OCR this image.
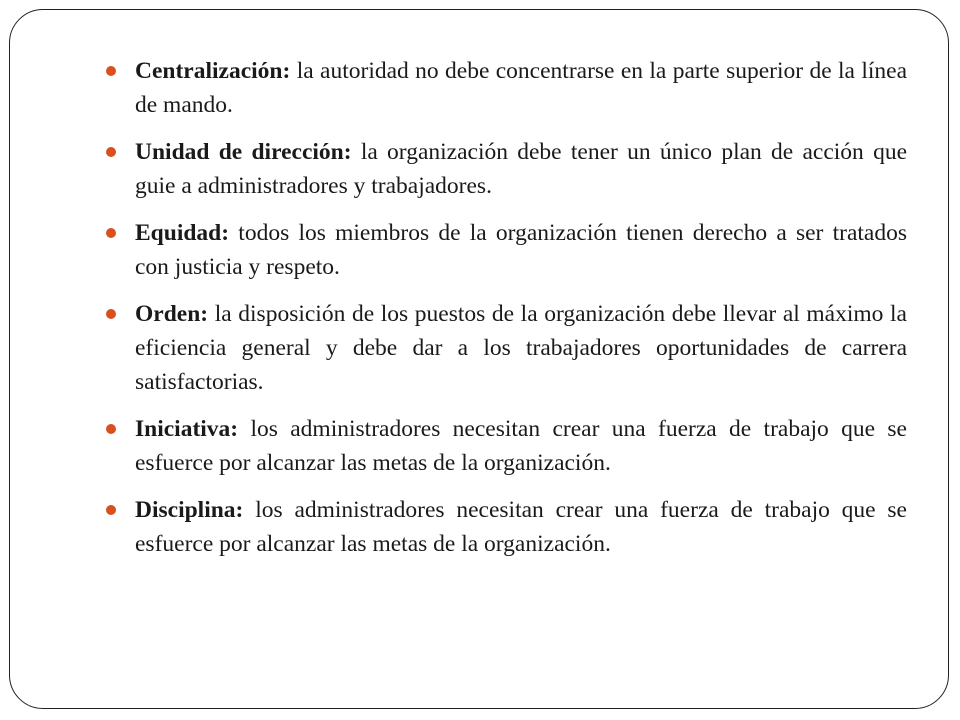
Centralización: la autoridad no debe concentrarse en la parte superior de la línea de mando.
Unidad de dirección: la organización debe tener un único plan de acción que guie a administradores y trabajadores.
Equidad: todos los miembros de la organización tienen derecho a ser tratados con justicia y respeto.
Orden: la disposición de los puestos de la organización debe llevar al máximo la eficiencia general y debe dar a los trabajadores oportunidades de carrera satisfactorias.
Iniciativa: los administradores necesitan crear una fuerza de trabajo que se esfuerce por alcanzar las metas de la organización.
Disciplina: los administradores necesitan crear una fuerza de trabajo que se esfuerce por alcanzar las metas de la organización.
